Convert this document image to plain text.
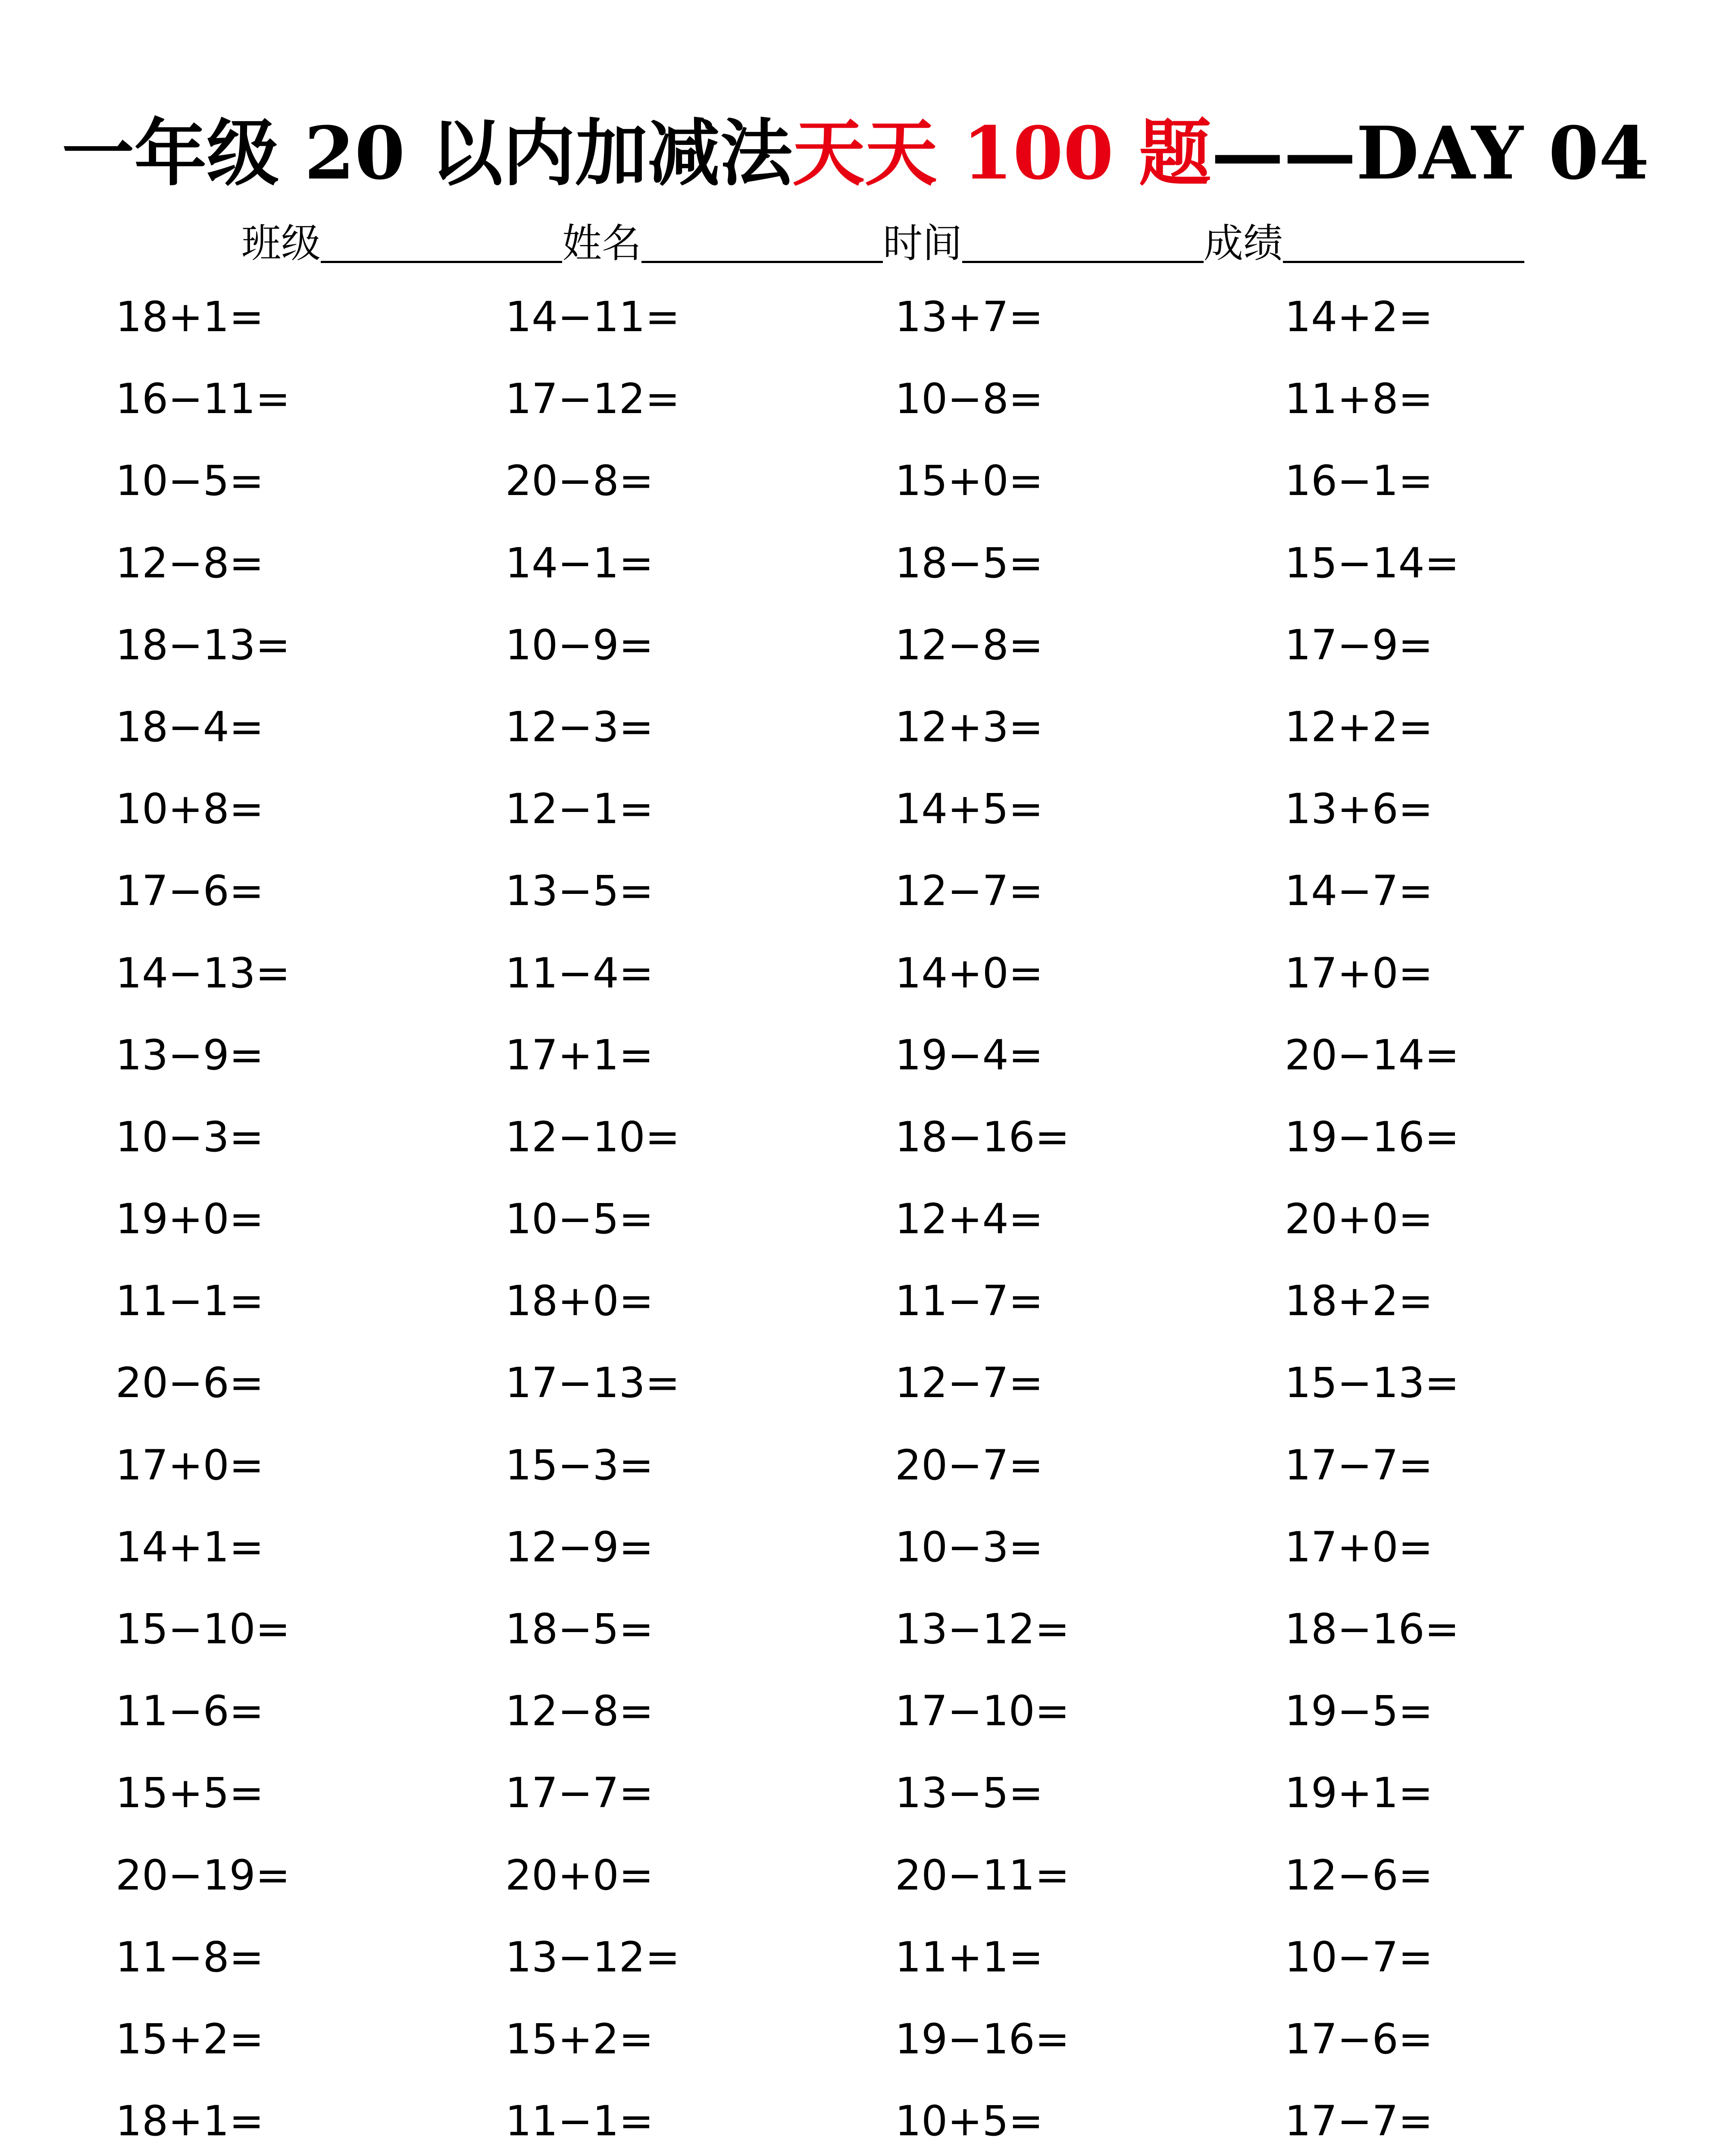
一年级 20 以内加减法天天 100 题——DAY 04
班级	姓名	时间	成绩
18+1=	14−11=	13+7=	14+2=
16−11=	17−12=	10−8=	11+8=
10−5=	20−8=	15+0=	16−1=
12−8=	14−1=	18−5=	15−14=
18−13=	10−9=	12−8=	17−9=
18−4=	12−3=	12+3=	12+2=
10+8=	12−1=	14+5=	13+6=
17−6=	13−5=	12−7=	14−7=
14−13=	11−4=	14+0=	17+0=
13−9=	17+1=	19−4=	20−14=
10−3=	12−10=	18−16=	19−16=
19+0=	10−5=	12+4=	20+0=
11−1=	18+0=	11−7=	18+2=
20−6=	17−13=	12−7=	15−13=
17+0=	15−3=	20−7=	17−7=
14+1=	12−9=	10−3=	17+0=
15−10=	18−5=	13−12=	18−16=
11−6=	12−8=	17−10=	19−5=
15+5=	17−7=	13−5=	19+1=
20−19=	20+0=	20−11=	12−6=
11−8=	13−12=	11+1=	10−7=
15+2=	15+2=	19−16=	17−6=
18+1=	11−1=	10+5=	17−7=
